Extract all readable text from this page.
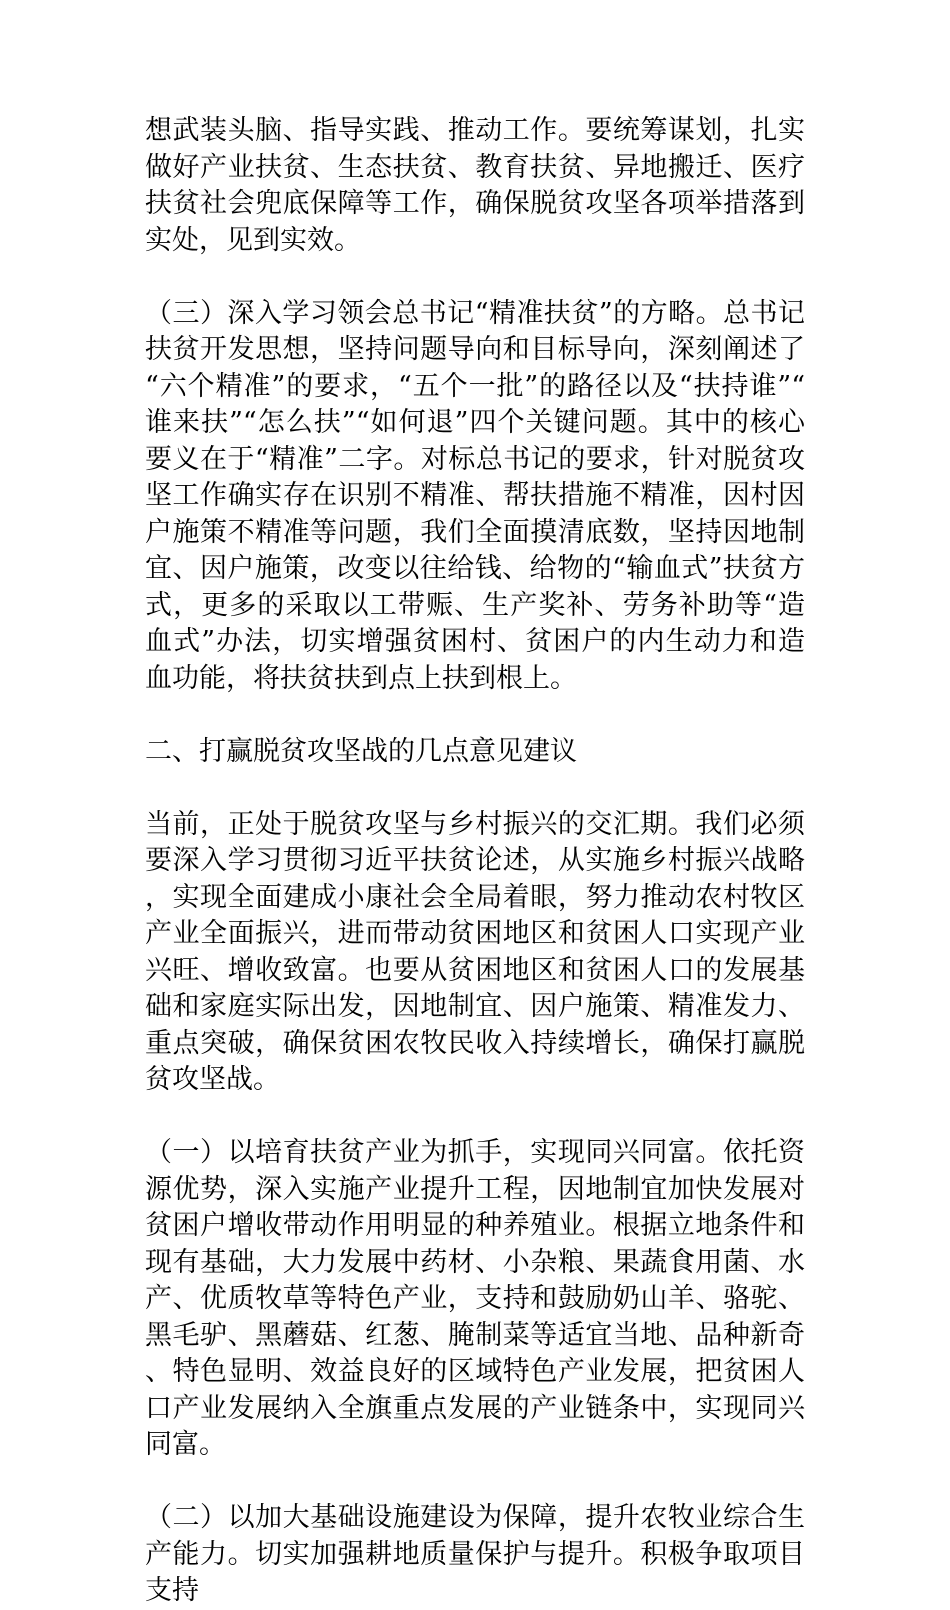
想武装头脑、指导实践、推动工作。要统筹谋划，扎实做好产业扶贫、生态扶贫、教育扶贫、异地搬迁、医疗扶贫社会兜底保障等工作，确保脱贫攻坚各项举措落到实处，见到实效。

（三）深入学习领会总书记“精准扶贫”的方略。总书记扶贫开发思想，坚持问题导向和目标导向，深刻阐述了“六个精准”的要求，“五个一批”的路径以及“扶持谁”“谁来扶”“怎么扶”“如何退”四个关键问题。其中的核心要义在于“精准”二字。对标总书记的要求，针对脱贫攻坚工作确实存在识别不精准、帮扶措施不精准，因村因户施策不精准等问题，我们全面摸清底数，坚持因地制宜、因户施策，改变以往给钱、给物的“输血式”扶贫方式，更多的采取以工带赈、生产奖补、劳务补助等“造血式”办法，切实增强贫困村、贫困户的内生动力和造血功能，将扶贫扶到点上扶到根上。

二、打赢脱贫攻坚战的几点意见建议

当前，正处于脱贫攻坚与乡村振兴的交汇期。我们必须要深入学习贯彻习近平扶贫论述，从实施乡村振兴战略，实现全面建成小康社会全局着眼，努力推动农村牧区产业全面振兴，进而带动贫困地区和贫困人口实现产业兴旺、增收致富。也要从贫困地区和贫困人口的发展基础和家庭实际出发，因地制宜、因户施策、精准发力、重点突破，确保贫困农牧民收入持续增长，确保打赢脱贫攻坚战。

（一）以培育扶贫产业为抓手，实现同兴同富。依托资源优势，深入实施产业提升工程，因地制宜加快发展对贫困户增收带动作用明显的种养殖业。根据立地条件和现有基础，大力发展中药材、小杂粮、果蔬食用菌、水产、优质牧草等特色产业，支持和鼓励奶山羊、骆驼、黑毛驴、黑蘑菇、红葱、腌制菜等适宜当地、品种新奇、特色显明、效益良好的区域特色产业发展，把贫困人口产业发展纳入全旗重点发展的产业链条中，实现同兴同富。

（二）以加大基础设施建设为保障，提升农牧业综合生产能力。切实加强耕地质量保护与提升。积极争取项目支持
